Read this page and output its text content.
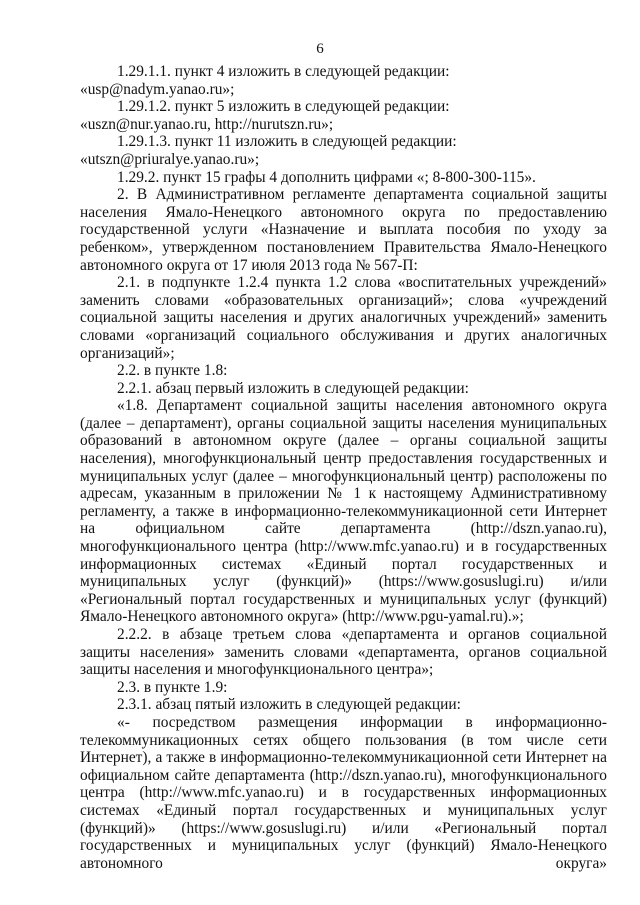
6

1.29.1.1. пункт 4 изложить в следующей редакции:

«usp@nadym.yanao.ru»;

1.29.1.2. пункт 5 изложить в следующей редакции:

«uszn@nur.yanao.ru, http://nurutszn.ru»;

1.29.1.3. пункт 11 изложить в следующей редакции:

«utszn@priuralye.yanao.ru»;

1.29.2. пункт 15 графы 4 дополнить цифрами «; 8-800-300-115».

2. В Административном регламенте департамента социальной защиты населения Ямало-Ненецкого автономного округа по предоставлению государственной услуги «Назначение и выплата пособия по уходу за ребенком», утвержденном постановлением Правительства Ямало-Ненецкого автономного округа от 17 июля 2013 года № 567-П:

2.1. в подпункте 1.2.4 пункта 1.2 слова «воспитательных учреждений» заменить словами «образовательных организаций»; слова «учреждений социальной защиты населения и других аналогичных учреждений» заменить словами «организаций социального обслуживания и других аналогичных организаций»;

2.2. в пункте 1.8:

2.2.1. абзац первый изложить в следующей редакции:

«1.8. Департамент социальной защиты населения автономного округа (далее – департамент), органы социальной защиты населения муниципальных образований в автономном округе (далее – органы социальной защиты населения), многофункциональный центр предоставления государственных и муниципальных услуг (далее – многофункциональный центр) расположены по адресам, указанным в приложении № 1 к настоящему Административному регламенту, а также в информационно-телекоммуникационной сети Интернет на официальном сайте департамента (http://dszn.yanao.ru), многофункционального центра (http://www.mfc.yanao.ru) и в государственных информационных системах «Единый портал государственных и муниципальных услуг (функций)» (https://www.gosuslugi.ru) и/или «Региональный портал государственных и муниципальных услуг (функций) Ямало-Ненецкого автономного округа» (http://www.pgu-yamal.ru).»;

2.2.2. в абзаце третьем слова «департамента и органов социальной защиты населения» заменить словами «департамента, органов социальной защиты населения и многофункционального центра»;

2.3. в пункте 1.9:

2.3.1. абзац пятый изложить в следующей редакции:

«- посредством размещения информации в информационно-телекоммуникационных сетях общего пользования (в том числе сети Интернет), а также в информационно-телекоммуникационной сети Интернет на официальном сайте департамента (http://dszn.yanao.ru), многофункционального центра (http://www.mfc.yanao.ru) и в государственных информационных системах «Единый портал государственных и муниципальных услуг (функций)» (https://www.gosuslugi.ru) и/или «Региональный портал государственных и муниципальных услуг (функций) Ямало-Ненецкого автономного округа»
